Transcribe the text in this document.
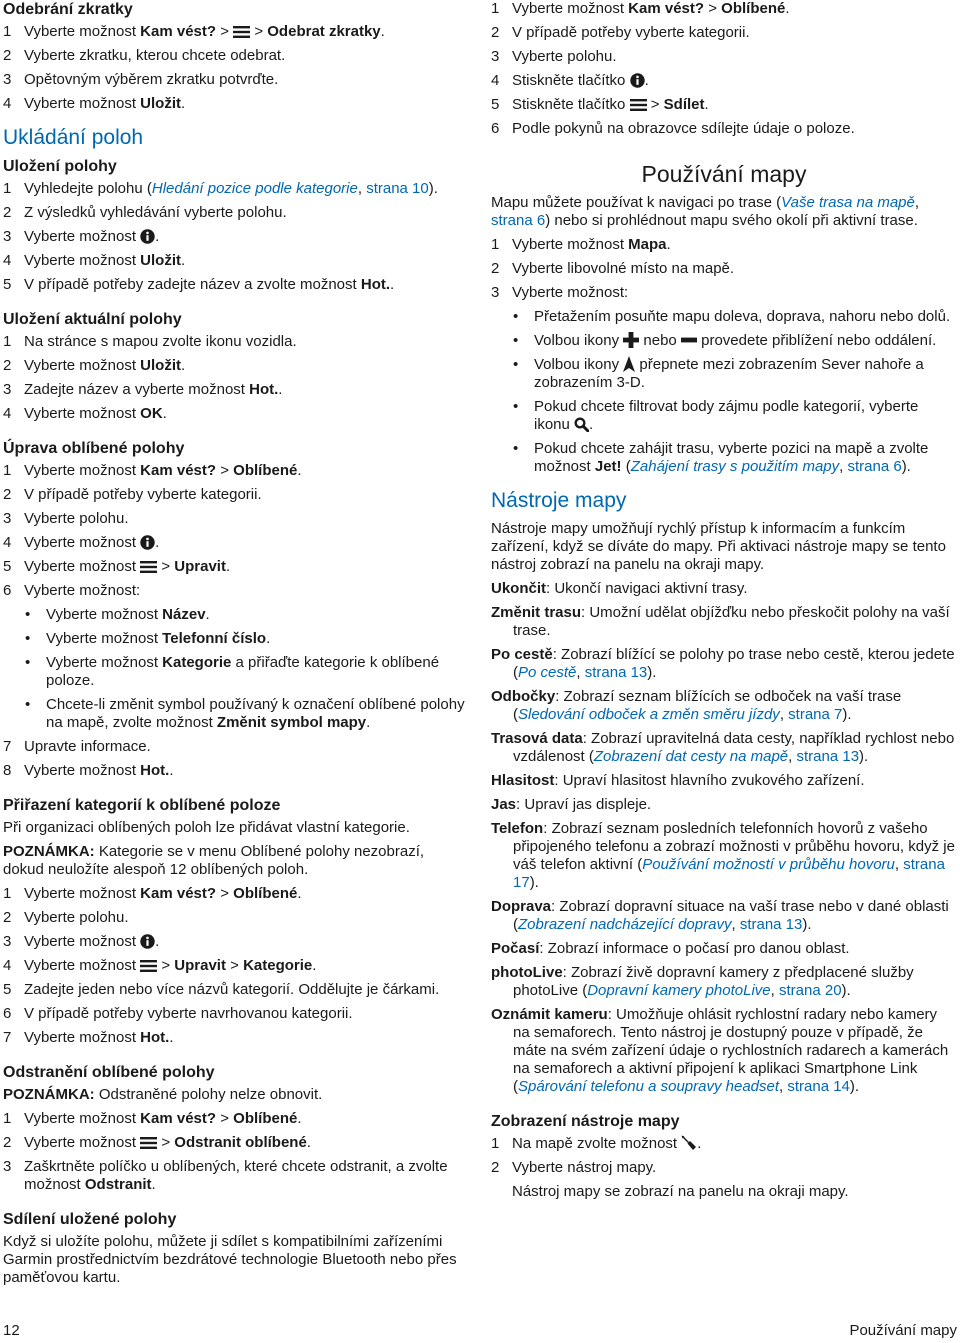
Odebrání zkratky
1 Vyberte možnost Kam vést? >
> Odebrat zkratky.
2 Vyberte zkratku, kterou chcete odebrat.
3 Opětovným výběrem zkratku potvrďte.
4 Vyberte možnost Uložit.
Ukládání poloh
Uložení polohy
1 Vyhledejte polohu (Hledání pozice podle kategorie, strana 10).
2 Z výsledků vyhledávání vyberte polohu.
3 Vyberte možnost
.
4 Vyberte možnost Uložit.
5 V případě potřeby zadejte název a zvolte možnost Hot..
Uložení aktuální polohy
1 Na stránce s mapou zvolte ikonu vozidla.
2 Vyberte možnost Uložit.
3 Zadejte název a vyberte možnost Hot..
4 Vyberte možnost OK.
Úprava oblíbené polohy
1 Vyberte možnost Kam vést? > Oblíbené.
2 V případě potřeby vyberte kategorii.
3 Vyberte polohu.
4 Vyberte možnost
.
5 Vyberte možnost
> Upravit.
6 Vyberte možnost:
• Vyberte možnost Název.
• Vyberte možnost Telefonní číslo.
• Vyberte možnost Kategorie a přiřaďte kategorie k oblíbené poloze.
• Chcete-li změnit symbol používaný k označení oblíbené polohy na mapě, zvolte možnost Změnit symbol mapy.
7 Upravte informace.
8 Vyberte možnost Hot..
Přiřazení kategorií k oblíbené poloze
Při organizaci oblíbených poloh lze přidávat vlastní kategorie.
POZNÁMKA: Kategorie se v menu Oblíbené polohy nezobrazí, dokud neuložíte alespoň 12 oblíbených poloh.
1 Vyberte možnost Kam vést? > Oblíbené.
2 Vyberte polohu.
3 Vyberte možnost
.
4 Vyberte možnost
> Upravit > Kategorie.
5 Zadejte jeden nebo více názvů kategorií. Oddělujte je čárkami.
6 V případě potřeby vyberte navrhovanou kategorii.
7 Vyberte možnost Hot..
Odstranění oblíbené polohy
POZNÁMKA: Odstraněné polohy nelze obnovit.
1 Vyberte možnost Kam vést? > Oblíbené.
2 Vyberte možnost
> Odstranit oblíbené.
3 Zaškrtněte políčko u oblíbených, které chcete odstranit, a zvolte možnost Odstranit.
Sdílení uložené polohy
Když si uložíte polohu, můžete ji sdílet s kompatibilními zařízeními Garmin prostřednictvím bezdrátové technologie Bluetooth nebo přes paměťovou kartu.
1 Vyberte možnost Kam vést? > Oblíbené.
2 V případě potřeby vyberte kategorii.
3 Vyberte polohu.
4 Stiskněte tlačítko
.
5 Stiskněte tlačítko
> Sdílet.
6 Podle pokynů na obrazovce sdílejte údaje o poloze.
Používání mapy
Mapu můžete používat k navigaci po trase (Vaše trasa na mapě, strana 6) nebo si prohlédnout mapu svého okolí při aktivní trase.
1 Vyberte možnost Mapa.
2 Vyberte libovolné místo na mapě.
3 Vyberte možnost:
• Přetažením posuňte mapu doleva, doprava, nahoru nebo dolů.
• Volbou ikony
nebo
provedete přiblížení nebo oddálení.
• Volbou ikony
přepnete mezi zobrazením Sever nahoře a zobrazením 3-D.
• Pokud chcete filtrovat body zájmu podle kategorií, vyberte ikonu
.
• Pokud chcete zahájit trasu, vyberte pozici na mapě a zvolte možnost Jet! (Zahájení trasy s použitím mapy, strana 6).
Nástroje mapy
Nástroje mapy umožňují rychlý přístup k informacím a funkcím zařízení, když se díváte do mapy. Při aktivaci nástroje mapy se tento nástroj zobrazí na panelu na okraji mapy.
Ukončit: Ukončí navigaci aktivní trasy.
Změnit trasu: Umožní udělat objížďku nebo přeskočit polohy na vaší trase.
Po cestě: Zobrazí blížící se polohy po trase nebo cestě, kterou jedete (Po cestě, strana 13).
Odbočky: Zobrazí seznam blížících se odboček na vaší trase (Sledování odboček a změn směru jízdy, strana 7).
Trasová data: Zobrazí upravitelná data cesty, například rychlost nebo vzdálenost (Zobrazení dat cesty na mapě, strana 13).
Hlasitost: Upraví hlasitost hlavního zvukového zařízení.
Jas: Upraví jas displeje.
Telefon: Zobrazí seznam posledních telefonních hovorů z vašeho připojeného telefonu a zobrazí možnosti v průběhu hovoru, když je váš telefon aktivní (Používání možností v průběhu hovoru, strana 17).
Doprava: Zobrazí dopravní situace na vaší trase nebo v dané oblasti (Zobrazení nadcházející dopravy, strana 13).
Počasí: Zobrazí informace o počasí pro danou oblast.
photoLive: Zobrazí živě dopravní kamery z předplacené služby photoLive (Dopravní kamery photoLive, strana 20).
Oznámit kameru: Umožňuje ohlásit rychlostní radary nebo kamery na semaforech. Tento nástroj je dostupný pouze v případě, že máte na svém zařízení údaje o rychlostních radarech a kamerách na semaforech a aktivní připojení k aplikaci Smartphone Link (Spárování telefonu a soupravy headset, strana 14).
Zobrazení nástroje mapy
1 Na mapě zvolte možnost
.
2 Vyberte nástroj mapy.
Nástroj mapy se zobrazí na panelu na okraji mapy.
12	Používání mapy
